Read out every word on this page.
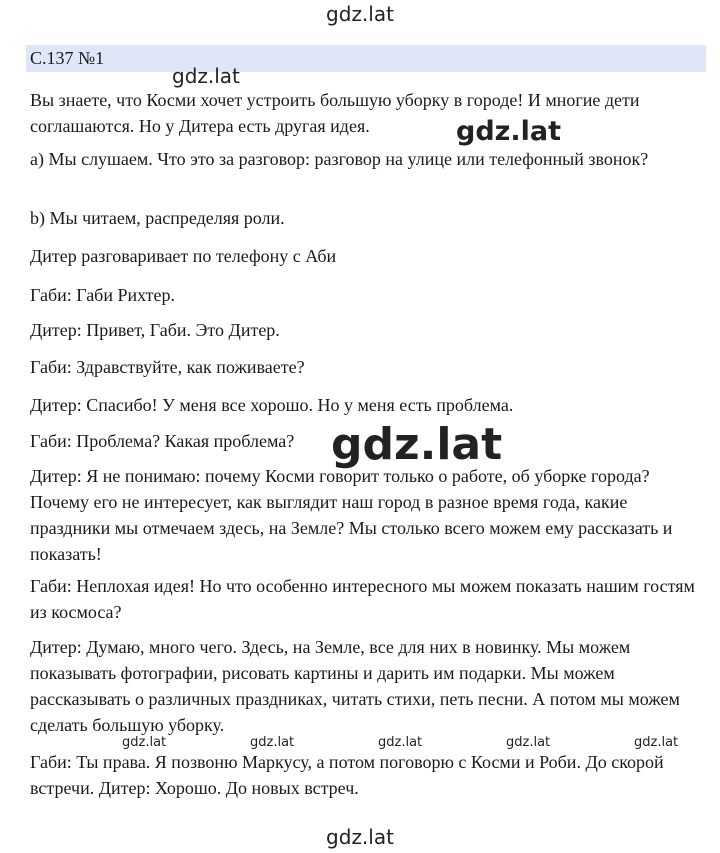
gdz.lat
С.137 №1

Вы знаете, что Косми хочет устроить большую уборку в городе! И многие дети соглашаются. Но у Дитера есть другая идея.

a) Мы слушаем. Что это за разговор: разговор на улице или телефонный звонок?

b) Мы читаем, распределяя роли.

Дитер разговаривает по телефону с Аби

Габи: Габи Рихтер.

Дитер: Привет, Габи. Это Дитер.

Габи: Здравствуйте, как поживаете?

Дитер: Спасибо! У меня все хорошо. Но у меня есть проблема.

Габи: Проблема? Какая проблема?

Дитер: Я не понимаю: почему Косми говорит только о работе, об уборке города? Почему его не интересует, как выглядит наш город в разное время года, какие праздники мы отмечаем здесь, на Земле? Мы столько всего можем ему рассказать и показать!

Габи: Неплохая идея! Но что особенно интересного мы можем показать нашим гостям из космоса?

Дитер: Думаю, много чего. Здесь, на Земле, все для них в новинку. Мы можем показывать фотографии, рисовать картины и дарить им подарки. Мы можем рассказывать о различных праздниках, читать стихи, петь песни. А потом мы можем сделать большую уборку.

Габи: Ты права. Я позвоню Маркусу, а потом поговорю с Косми и Роби. До скорой встречи. Дитер: Хорошо. До новых встреч.

gdz.lat
gdz.lat
gdz.lat
gdz.lat	gdz.lat	gdz.lat	gdz.lat	gdz.lat
gdz.lat
